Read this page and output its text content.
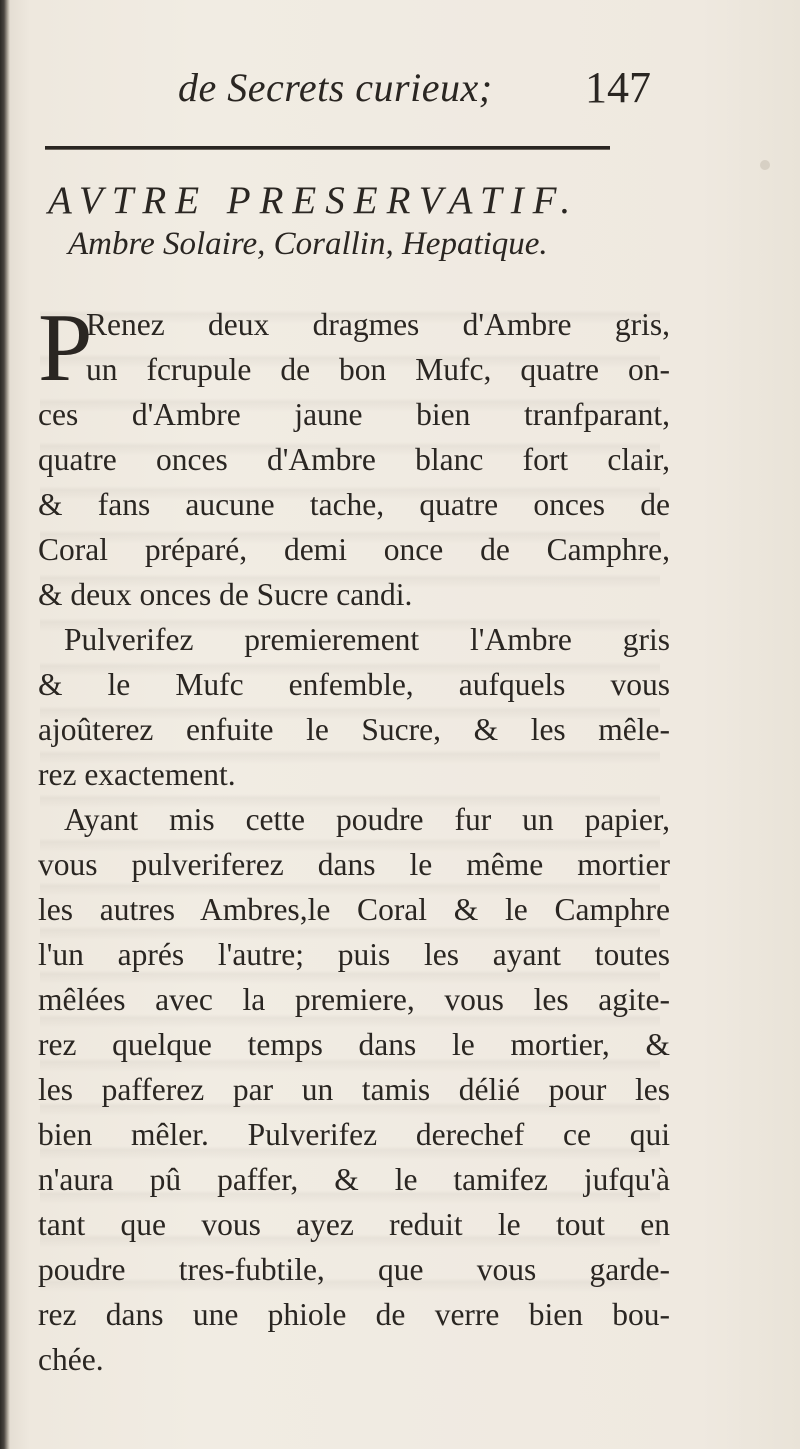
de Secrets curieux; 147
AVTRE PRESERVATIF.
Ambre Solaire, Corallin, Hepatique.
P
Renez deux dragmes d'Ambre gris,
un fcrupule de bon Mufc, quatre on-
ces d'Ambre jaune bien tranfparant,
quatre onces d'Ambre blanc fort clair,
& fans aucune tache, quatre onces de
Coral préparé, demi once de Camphre,
& deux onces de Sucre candi.
Pulverifez premierement l'Ambre gris
& le Mufc enfemble, aufquels vous
ajoûterez enfuite le Sucre, & les mêle-
rez exactement.
Ayant mis cette poudre fur un papier,
vous pulveriferez dans le même mortier
les autres Ambres,le Coral & le Camphre
l'un aprés l'autre; puis les ayant toutes
mêlées avec la premiere, vous les agite-
rez quelque temps dans le mortier, &
les pafferez par un tamis délié pour les
bien mêler. Pulverifez derechef ce qui
n'aura pû paffer, & le tamifez jufqu'à
tant que vous ayez reduit le tout en
poudre tres-fubtile, que vous garde-
rez dans une phiole de verre bien bou-
chée.
